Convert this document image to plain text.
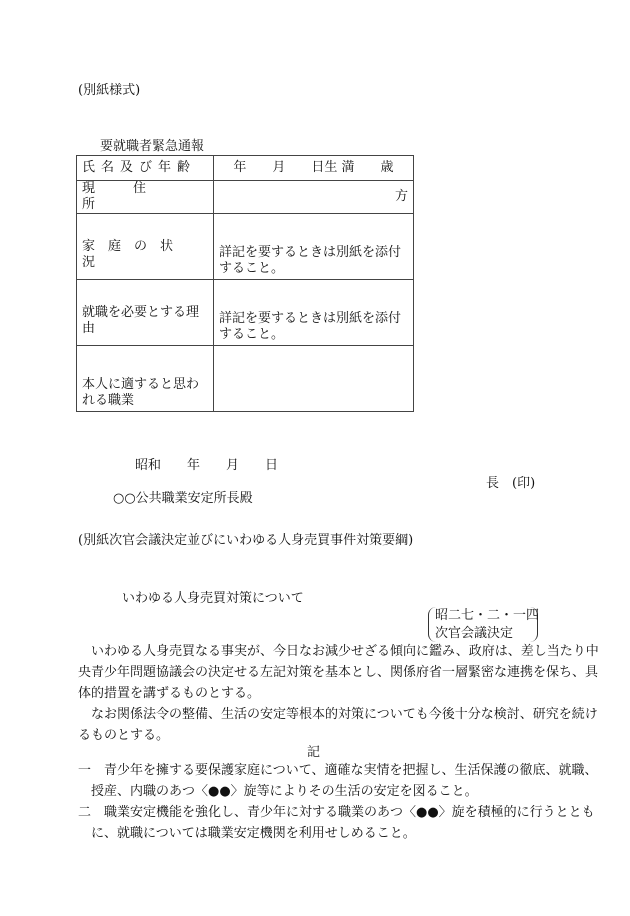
(別紙様式)
要就職者緊急通報
氏名及び年齢	年　　月　　日生 満　　歳
現住所	方
家庭の状況	詳記を要するときは別紙を添付すること。
就職を必要とする理由	詳記を要するときは別紙を添付すること。
本人に適すると思われる職業	
昭和　　年　　月　　日
長　(印)
○○公共職業安定所長殿
(別紙次官会議決定並びにいわゆる人身売買事件対策要綱)
いわゆる人身売買対策について
昭二七・二・一四
次官会議決定
　いわゆる人身売買なる事実が、今日なお減少せざる傾向に鑑み、政府は、差し当たり中
央青少年問題協議会の決定せる左記対策を基本とし、関係府省一層緊密な連携を保ち、具
体的措置を講ずるものとする。
　なお関係法令の整備、生活の安定等根本的対策についても今後十分な検討、研究を続け
るものとする。
記
一　青少年を擁する要保護家庭について、適確な実情を把握し、生活保護の徹底、就職、
　授産、内職のあつ〈●●〉旋等によりその生活の安定を図ること。
二　職業安定機能を強化し、青少年に対する職業のあつ〈●●〉旋を積極的に行うととも
　に、就職については職業安定機関を利用せしめること。
